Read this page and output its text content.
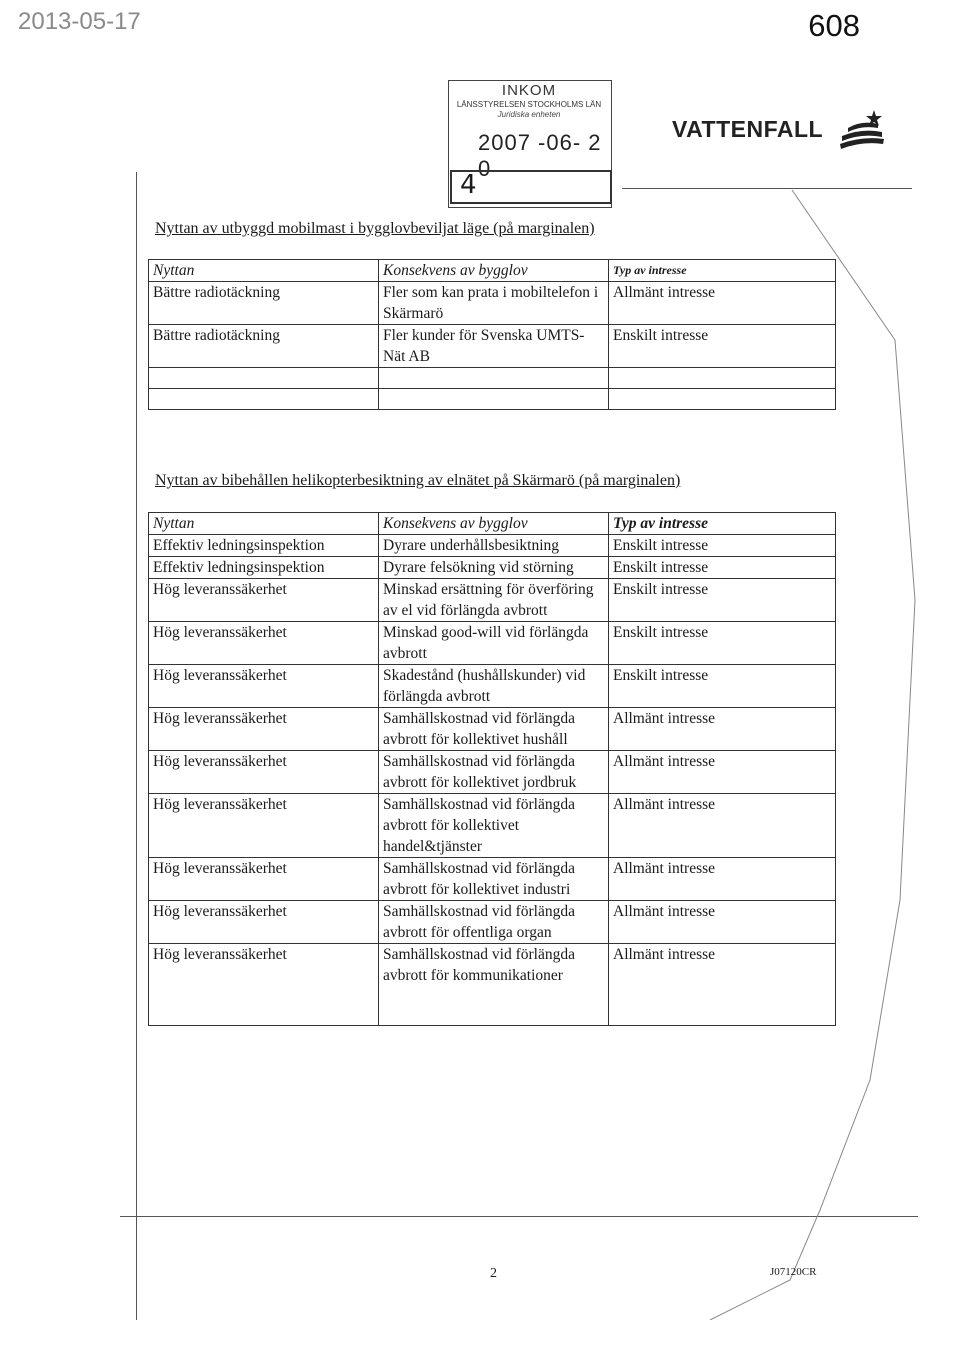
2013-05-17	608
INKOM
LÄNSSTYRELSEN STOCKHOLMS LÄN
Juridiska enheten
2007 -06- 2 0
4
VATTENFALL
Nyttan av utbyggd mobilmast i bygglovbeviljat läge (på marginalen)
Nyttan	Konsekvens av bygglov	Typ av intresse
Bättre radiotäckning	Fler som kan prata i mobiltelefon i Skärmarö	Allmänt intresse
Bättre radiotäckning	Fler kunder för Svenska UMTS-Nät AB	Enskilt intresse

Nyttan av bibehållen helikopterbesiktning av elnätet på Skärmarö (på marginalen)
Nyttan	Konsekvens av bygglov	Typ av intresse
Effektiv ledningsinspektion	Dyrare underhållsbesiktning	Enskilt intresse
Effektiv ledningsinspektion	Dyrare felsökning vid störning	Enskilt intresse
Hög leveranssäkerhet	Minskad ersättning för överföring av el vid förlängda avbrott	Enskilt intresse
Hög leveranssäkerhet	Minskad good-will vid förlängda avbrott	Enskilt intresse
Hög leveranssäkerhet	Skadestånd (hushållskunder) vid förlängda avbrott	Enskilt intresse
Hög leveranssäkerhet	Samhällskostnad vid förlängda avbrott för kollektivet hushåll	Allmänt intresse
Hög leveranssäkerhet	Samhällskostnad vid förlängda avbrott för kollektivet jordbruk	Allmänt intresse
Hög leveranssäkerhet	Samhällskostnad vid förlängda avbrott för kollektivet handel&tjänster	Allmänt intresse
Hög leveranssäkerhet	Samhällskostnad vid förlängda avbrott för kollektivet industri	Allmänt intresse
Hög leveranssäkerhet	Samhällskostnad vid förlängda avbrott för offentliga organ	Allmänt intresse
Hög leveranssäkerhet	Samhällskostnad vid förlängda avbrott för kommunikationer	Allmänt intresse
2	J07120CR
